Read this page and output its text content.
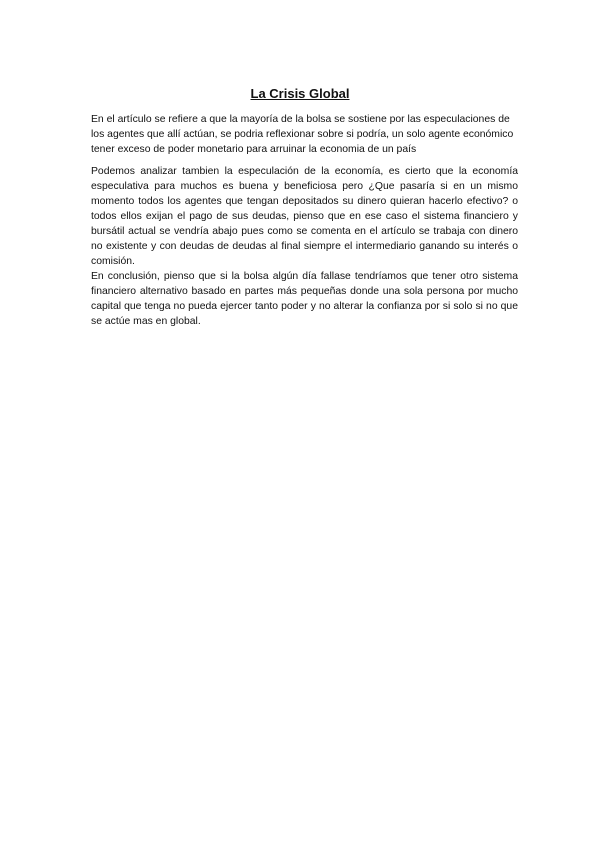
La Crisis Global

En el artículo se refiere a que la mayoría de la bolsa se sostiene por las especulaciones de los agentes que allí actúan, se podria reflexionar sobre si podría, un solo agente económico tener exceso de poder monetario para arruinar la economia de un país

Podemos analizar tambien la especulación de la economía, es cierto que la economía especulativa para muchos es buena y beneficiosa pero ¿Que pasaría si en un mismo momento todos los agentes que tengan depositados su dinero quieran hacerlo efectivo? o todos ellos exijan el pago de sus deudas, pienso que en ese caso el sistema financiero y bursátil actual se vendría abajo pues como se comenta en el artículo se trabaja con dinero no existente y con deudas de deudas al final siempre el intermediario ganando su interés o comisión.

En conclusión, pienso que si la bolsa algún día fallase tendríamos que tener otro sistema financiero alternativo basado en partes más pequeñas donde una sola persona por mucho capital que tenga no pueda ejercer tanto poder y no alterar la confianza por si solo si no que se actúe mas en global.
